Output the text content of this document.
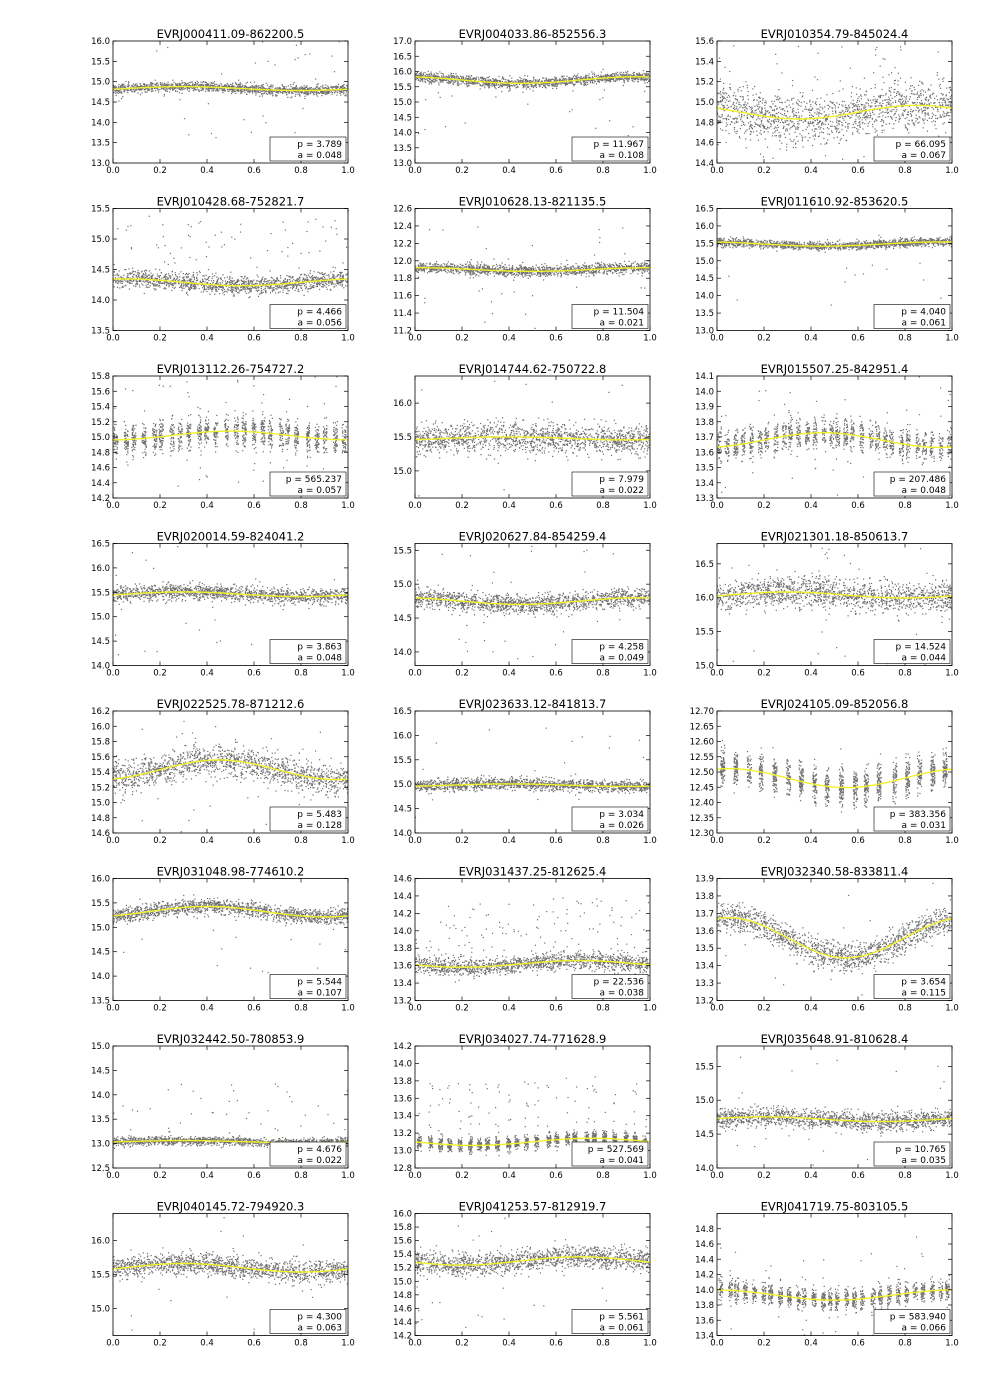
EVRJ000411.09-862200.5
0.0	0.2	0.4	0.6	0.8	1.0
13.0
13.5
14.0
14.5
15.0
15.5
16.0
p = 3.789
a = 0.048
EVRJ004033.86-852556.3
0.0	0.2	0.4	0.6	0.8	1.0
13.0
13.5
14.0
14.5
15.0
15.5
16.0
16.5
17.0
p = 11.967
a = 0.108
EVRJ010354.79-845024.4
0.0	0.2	0.4	0.6	0.8	1.0
14.4
14.6
14.8
15.0
15.2
15.4
15.6
p = 66.095
a = 0.067
EVRJ010428.68-752821.7
0.0	0.2	0.4	0.6	0.8	1.0
13.5
14.0
14.5
15.0
15.5
p = 4.466
a = 0.056
EVRJ010628.13-821135.5
0.0	0.2	0.4	0.6	0.8	1.0
11.2
11.4
11.6
11.8
12.0
12.2
12.4
12.6
p = 11.504
a = 0.021
EVRJ011610.92-853620.5
0.0	0.2	0.4	0.6	0.8	1.0
13.0
13.5
14.0
14.5
15.0
15.5
16.0
16.5
p = 4.040
a = 0.061
EVRJ013112.26-754727.2
0.0	0.2	0.4	0.6	0.8	1.0
14.2
14.4
14.6
14.8
15.0
15.2
15.4
15.6
15.8
p = 565.237
a = 0.057
EVRJ014744.62-750722.8
0.0	0.2	0.4	0.6	0.8	1.0
15.0
15.5
16.0
p = 7.979
a = 0.022
EVRJ015507.25-842951.4
0.0	0.2	0.4	0.6	0.8	1.0
13.3
13.4
13.5
13.6
13.7
13.8
13.9
14.0
14.1
p = 207.486
a = 0.048
EVRJ020014.59-824041.2
0.0	0.2	0.4	0.6	0.8	1.0
14.0
14.5
15.0
15.5
16.0
16.5
p = 3.863
a = 0.048
EVRJ020627.84-854259.4
0.0	0.2	0.4	0.6	0.8	1.0
14.0
14.5
15.0
15.5
p = 4.258
a = 0.049
EVRJ021301.18-850613.7
0.0	0.2	0.4	0.6	0.8	1.0
15.0
15.5
16.0
16.5
p = 14.524
a = 0.044
EVRJ022525.78-871212.6
0.0	0.2	0.4	0.6	0.8	1.0
14.6
14.8
15.0
15.2
15.4
15.6
15.8
16.0
16.2
p = 5.483
a = 0.128
EVRJ023633.12-841813.7
0.0	0.2	0.4	0.6	0.8	1.0
14.0
14.5
15.0
15.5
16.0
16.5
p = 3.034
a = 0.026
EVRJ024105.09-852056.8
0.0	0.2	0.4	0.6	0.8	1.0
12.30
12.35
12.40
12.45
12.50
12.55
12.60
12.65
12.70
p = 383.356
a = 0.031
EVRJ031048.98-774610.2
0.0	0.2	0.4	0.6	0.8	1.0
13.5
14.0
14.5
15.0
15.5
16.0
p = 5.544
a = 0.107
EVRJ031437.25-812625.4
0.0	0.2	0.4	0.6	0.8	1.0
13.2
13.4
13.6
13.8
14.0
14.2
14.4
14.6
p = 22.536
a = 0.038
EVRJ032340.58-833811.4
0.0	0.2	0.4	0.6	0.8	1.0
13.2
13.3
13.4
13.5
13.6
13.7
13.8
13.9
p = 3.654
a = 0.115
EVRJ032442.50-780853.9
0.0	0.2	0.4	0.6	0.8	1.0
12.5
13.0
13.5
14.0
14.5
15.0
p = 4.676
a = 0.022
EVRJ034027.74-771628.9
0.0	0.2	0.4	0.6	0.8	1.0
12.8
13.0
13.2
13.4
13.6
13.8
14.0
14.2
p = 527.569
a = 0.041
EVRJ035648.91-810628.4
0.0	0.2	0.4	0.6	0.8	1.0
14.0
14.5
15.0
15.5
p = 10.765
a = 0.035
EVRJ040145.72-794920.3
0.0	0.2	0.4	0.6	0.8	1.0
15.0
15.5
16.0
p = 4.300
a = 0.063
EVRJ041253.57-812919.7
0.0	0.2	0.4	0.6	0.8	1.0
14.2
14.4
14.6
14.8
15.0
15.2
15.4
15.6
15.8
16.0
p = 5.561
a = 0.061
EVRJ041719.75-803105.5
0.0	0.2	0.4	0.6	0.8	1.0
13.4
13.6
13.8
14.0
14.2
14.4
14.6
14.8
p = 583.940
a = 0.066
